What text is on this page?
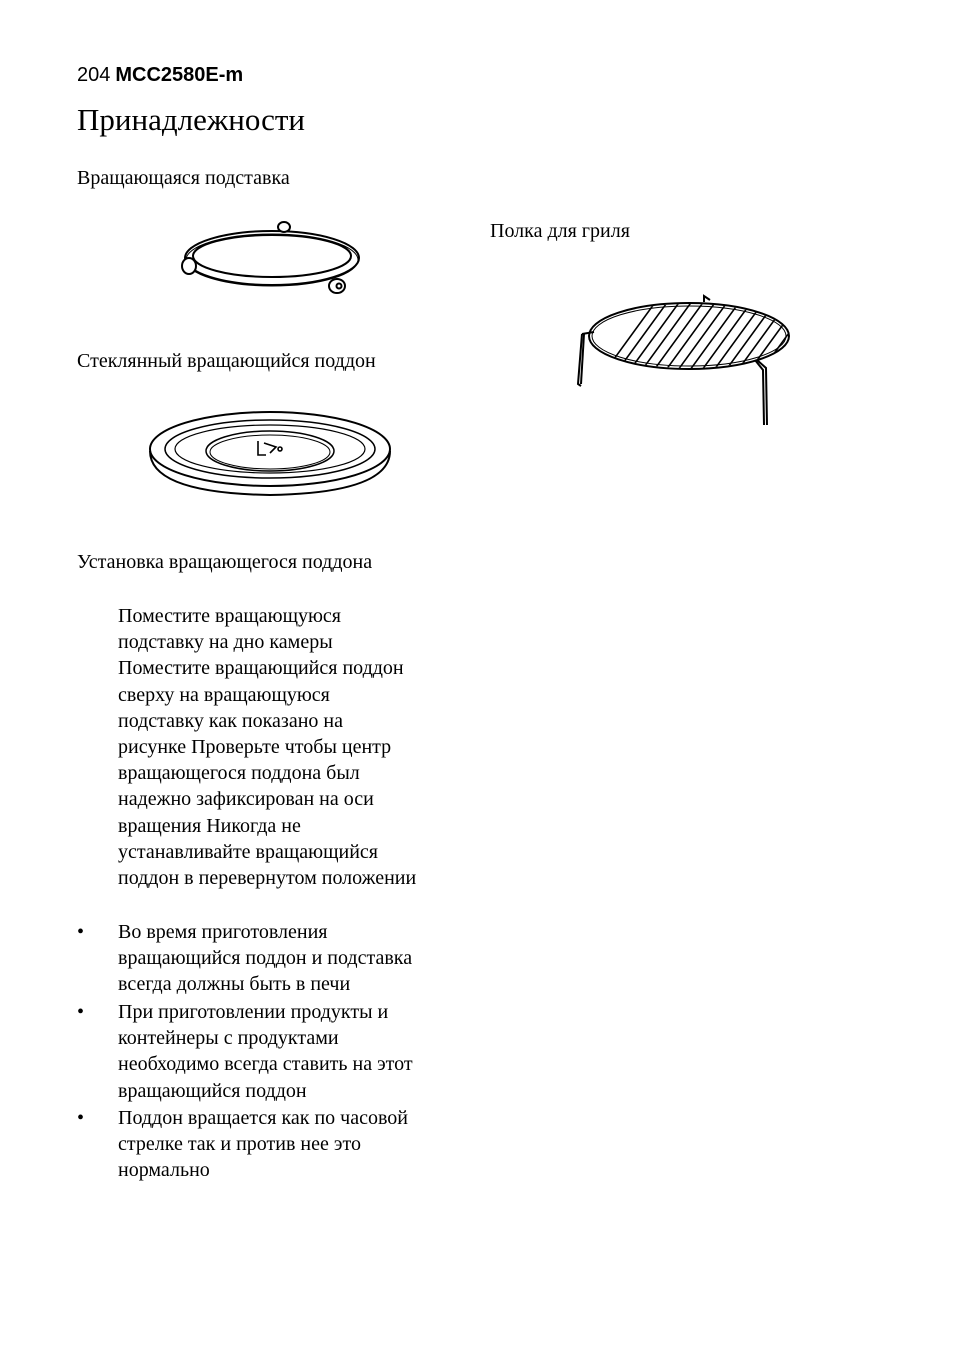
204 MCC2580E-m
Принадлежности
Вращающаяся подставка
Полка для гриля
Стеклянный вращающийся поддон
Установка вращающегося поддона
Поместите вращающуюся
подставку на дно камеры
Поместите вращающийся поддон
сверху на вращающуюся
подставку как показано на
рисунке Проверьте чтобы центр
вращающегося поддона был
надежно зафиксирован на оси
вращения Никогда не
устанавливайте вращающийся
поддон в перевернутом положении
•	Во время приготовления
вращающийся поддон и подставка
всегда должны быть в печи
•	При приготовлении продукты и
контейнеры с продуктами
необходимо всегда ставить на этот
вращающийся поддон
•	Поддон вращается как по часовой
стрелке так и против нее это
нормально
